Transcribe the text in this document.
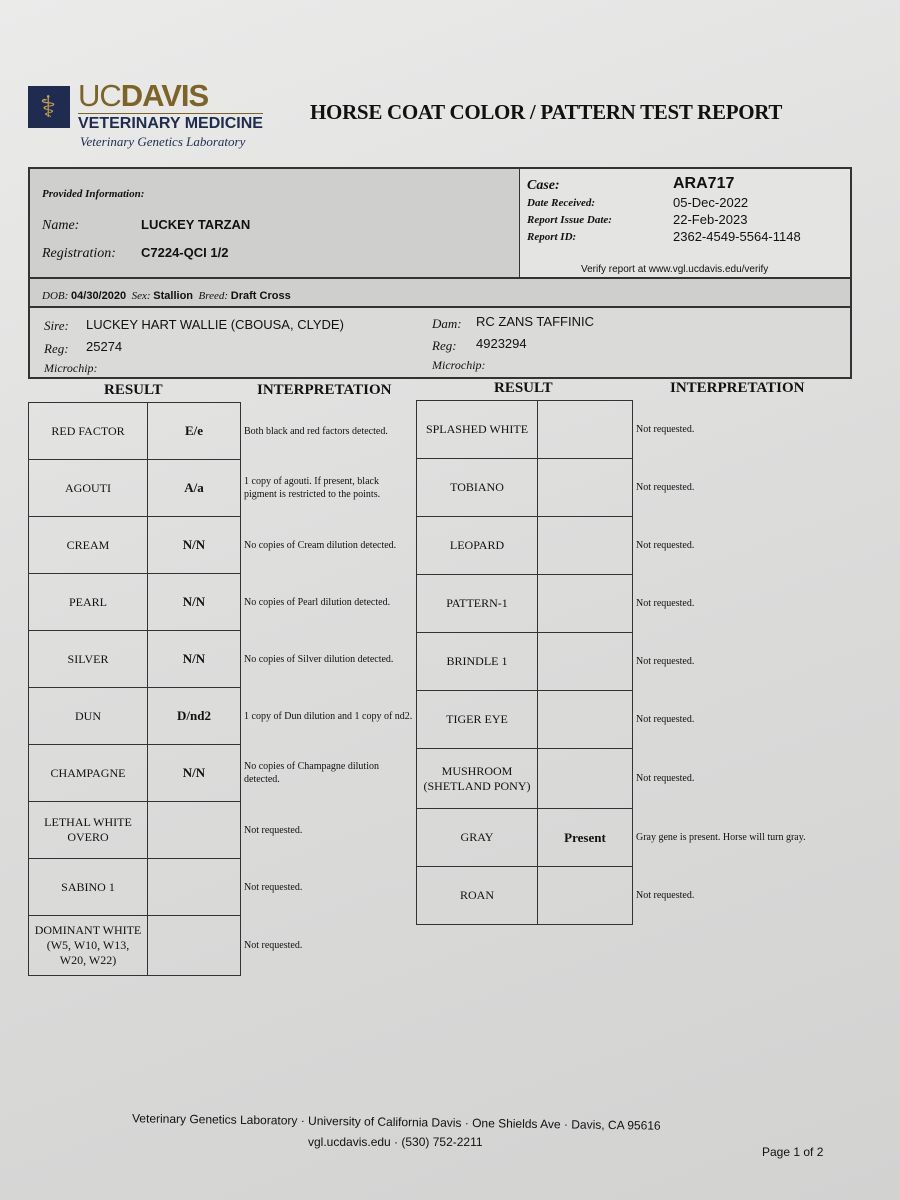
⚕ UCDAVIS
VETERINARY MEDICINE
Veterinary Genetics Laboratory
HORSE COAT COLOR / PATTERN TEST REPORT
Provided Information:
Name:	LUCKEY TARZAN
Registration: C7224-QCI 1/2
Case:	ARA717
Date Received:	05-Dec-2022
Report Issue Date:	22-Feb-2023
Report ID:	2362-4549-5564-1148
Verify report at www.vgl.ucdavis.edu/verify
DOB: 04/30/2020 Sex: Stallion Breed: Draft Cross
Sire: LUCKEY HART WALLIE (CBOUSA, CLYDE)
Reg: 25274
Microchip:
Dam: RC ZANS TAFFINIC
Reg: 4923294
Microchip:
RESULT	INTERPRETATION	RESULT	INTERPRETATION
RED FACTOR	E/e	Both black and red factors detected.
AGOUTI	A/a	1 copy of agouti. If present, black pigment is restricted to the points.
CREAM	N/N	No copies of Cream dilution detected.
PEARL	N/N	No copies of Pearl dilution detected.
SILVER	N/N	No copies of Silver dilution detected.
DUN	D/nd2	1 copy of Dun dilution and 1 copy of nd2.
CHAMPAGNE	N/N	No copies of Champagne dilution detected.
LETHAL WHITE OVERO		Not requested.
SABINO 1		Not requested.
DOMINANT WHITE (W5, W10, W13, W20, W22)		Not requested.
SPLASHED WHITE		Not requested.
TOBIANO		Not requested.
LEOPARD		Not requested.
PATTERN-1		Not requested.
BRINDLE 1		Not requested.
TIGER EYE		Not requested.
MUSHROOM (SHETLAND PONY)		Not requested.
GRAY	Present	Gray gene is present. Horse will turn gray.
ROAN		Not requested.
Veterinary Genetics Laboratory · University of California Davis · One Shields Ave · Davis, CA 95616
vgl.ucdavis.edu · (530) 752-2211
Page 1 of 2
